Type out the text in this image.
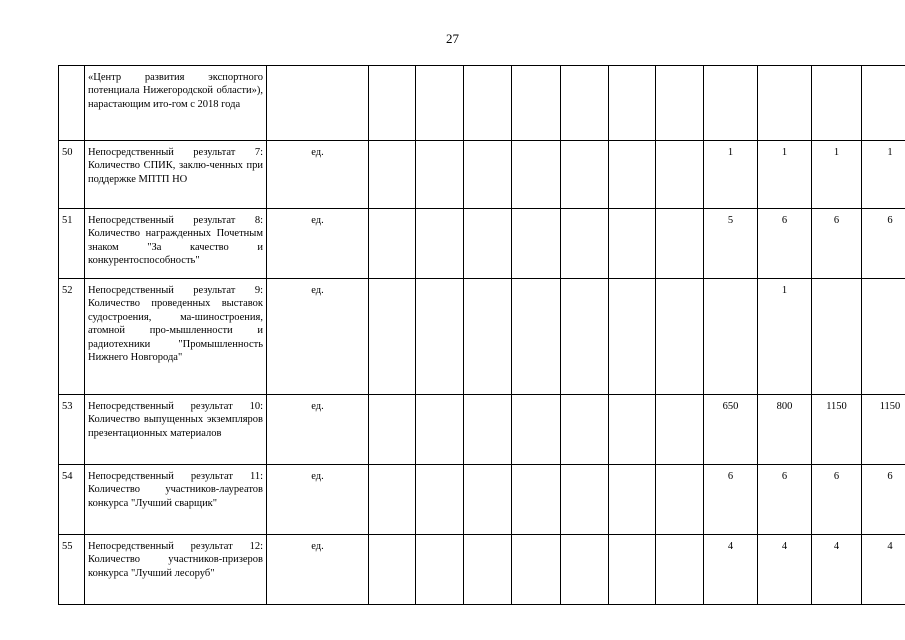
27
	«Центр развития экспортного потенциала Нижегородской области»), нарастающим ито-гом с 2018 года												
50	Непосредственный результат 7: Количество СПИК, заклю-ченных при поддержке МПТП НО	ед.								1	1	1	1
51	Непосредственный результат 8: Количество награжденных Почетным знаком "За качество и конкурентоспособность"	ед.								5	6	6	6
52	Непосредственный результат 9: Количество проведенных выставок судостроения, ма-шиностроения, атомной про-мышленности и радиотехники "Промышленность Нижнего Новгорода"	ед.									1		
53	Непосредственный результат 10: Количество выпущенных экземпляров презентационных материалов	ед.								650	800	1150	1150
54	Непосредственный результат 11: Количество участников-лауреатов конкурса "Лучший сварщик"	ед.								6	6	6	6
55	Непосредственный результат 12: Количество участников-призеров конкурса "Лучший лесоруб"	ед.								4	4	4	4
